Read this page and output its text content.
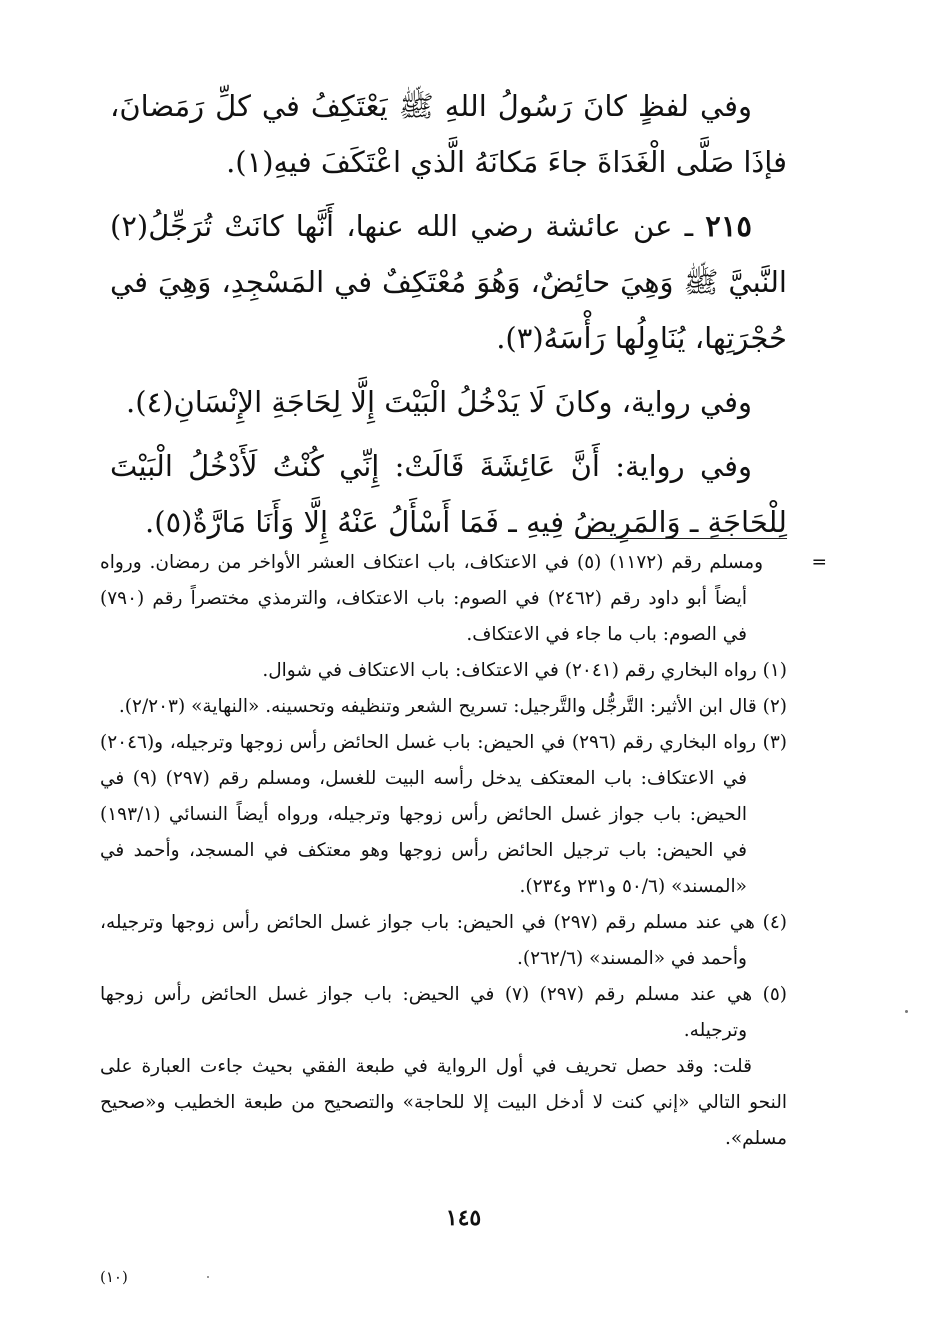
وفي لفظٍ كانَ رَسُولُ اللهِ ﷺ يَعْتَكِفُ في كلِّ رَمَضانَ، فإذَا صَلَّى الْغَدَاةَ جاءَ مَكانَهُ الَّذي اعْتَكَفَ فيهِ(١).

٢١٥ ـ عن عائشة رضي الله عنها، أَنَّها كانَتْ تُرَجِّلُ(٢) النَّبيَّ ﷺ وَهِيَ حائِضٌ، وَهُوَ مُعْتَكِفٌ في المَسْجِدِ، وَهِيَ في حُجْرَتِها، يُنَاوِلُها رَأْسَهُ(٣).

وفي رواية، وكانَ لَا يَدْخُلُ الْبَيْتَ إِلَّا لِحَاجَةِ الإِنْسَانِ(٤).

وفي رواية: أَنَّ عَائِشَةَ قَالَتْ: إِنِّي كُنْتُ لَأَدْخُلُ الْبَيْتَ لِلْحَاجَةِ ـ وَالمَرِيضُ فِيهِ ـ فَمَا أَسْأَلُ عَنْهُ إِلَّا وَأَنَا مَارَّةٌ(٥).

= ومسلم رقم (١١٧٢) (٥) في الاعتكاف، باب اعتكاف العشر الأواخر من رمضان. ورواه أيضاً أبو داود رقم (٢٤٦٢) في الصوم: باب الاعتكاف، والترمذي مختصراً رقم (٧٩٠) في الصوم: باب ما جاء في الاعتكاف.

(١) رواه البخاري رقم (٢٠٤١) في الاعتكاف: باب الاعتكاف في شوال.

(٢) قال ابن الأثير: التَّرجُّل والتَّرجيل: تسريح الشعر وتنظيفه وتحسينه. «النهاية» (٢/٢٠٣).

(٣) رواه البخاري رقم (٢٩٦) في الحيض: باب غسل الحائض رأس زوجها وترجيله، و(٢٠٤٦) في الاعتكاف: باب المعتكف يدخل رأسه البيت للغسل، ومسلم رقم (٢٩٧) (٩) في الحيض: باب جواز غسل الحائض رأس زوجها وترجيله، ورواه أيضاً النسائي (١٩٣/١) في الحيض: باب ترجيل الحائض رأس زوجها وهو معتكف في المسجد، وأحمد في «المسند» (٥٠/٦ و٢٣١ و٢٣٤).

(٤) هي عند مسلم رقم (٢٩٧) في الحيض: باب جواز غسل الحائض رأس زوجها وترجيله، وأحمد في «المسند» (٢٦٢/٦).

(٥) هي عند مسلم رقم (٢٩٧) (٧) في الحيض: باب جواز غسل الحائض رأس زوجها وترجيله.

قلت: وقد حصل تحريف في أول الرواية في طبعة الفقي بحيث جاءت العبارة على النحو التالي «إني كنت لا أدخل البيت إلا للحاجة» والتصحيح من طبعة الخطيب و«صحيح مسلم».

١٤٥
(١٠)
